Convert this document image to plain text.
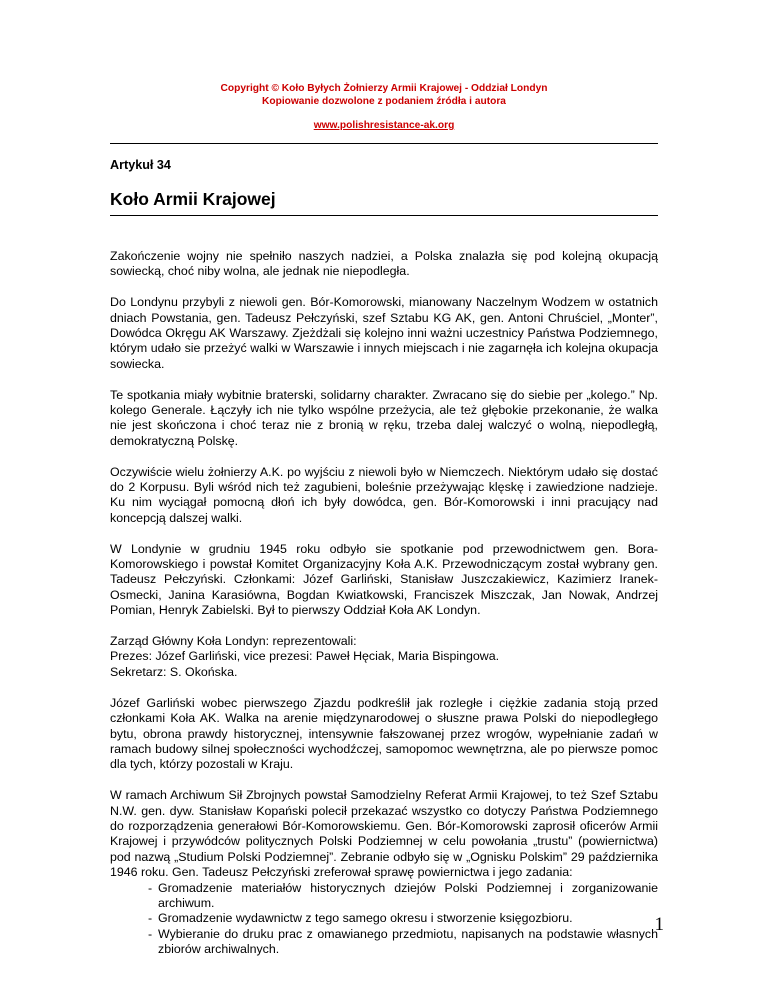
Copyright © Koło Byłych Żołnierzy Armii Krajowej - Oddział Londyn
Kopiowanie dozwolone z podaniem źródła i autora
www.polishresistance-ak.org
Artykuł 34
Koło Armii Krajowej

Zakończenie wojny nie spełniło naszych nadziei, a Polska znalazła się pod kolejną okupacją sowiecką, choć niby wolna, ale jednak nie niepodległa.

Do Londynu przybyli z niewoli gen. Bór-Komorowski, mianowany Naczelnym Wodzem w ostatnich dniach Powstania, gen. Tadeusz Pełczyński, szef Sztabu KG AK, gen. Antoni Chruściel, „Monter”, Dowódca Okręgu AK Warszawy. Zjeżdżali się kolejno inni ważni uczestnicy Państwa Podziemnego, którym udało sie przeżyć walki w Warszawie i innych miejscach i nie zagarnęła ich kolejna okupacja sowiecka.

Te spotkania miały wybitnie braterski, solidarny charakter. Zwracano się do siebie per „kolego.” Np. kolego Generale. Łączyły ich nie tylko wspólne przeżycia, ale też głębokie przekonanie, że walka nie jest skończona i choć teraz nie z bronią w ręku, trzeba dalej walczyć o wolną, niepodległą, demokratyczną Polskę.

Oczywiście wielu żołnierzy A.K. po wyjściu z niewoli było w Niemczech. Niektórym udało się dostać do 2 Korpusu. Byli wśród nich też zagubieni, boleśnie przeżywając klęskę i zawiedzione nadzieje. Ku nim wyciągał pomocną dłoń ich były dowódca, gen. Bór-Komorowski i inni pracujący nad koncepcją dalszej walki.

W Londynie w grudniu 1945 roku odbyło sie spotkanie pod przewodnictwem gen. Bora-Komorowskiego i powstał Komitet Organizacyjny Koła A.K. Przewodniczącym został wybrany gen. Tadeusz Pełczyński. Członkami: Józef Garliński, Stanisław Juszczakiewicz, Kazimierz Iranek-Osmecki, Janina Karasiówna, Bogdan Kwiatkowski, Franciszek Miszczak, Jan Nowak, Andrzej Pomian, Henryk Zabielski. Był to pierwszy Oddział Koła AK Londyn.

Zarząd Główny Koła Londyn: reprezentowali:
Prezes: Józef Garliński, vice prezesi: Paweł Hęciak, Maria Bispingowa.
Sekretarz: S. Okońska.

Józef Garliński wobec pierwszego Zjazdu podkreślił jak rozległe i ciężkie zadania stoją przed członkami Koła AK. Walka na arenie międzynarodowej o słuszne prawa Polski do niepodległego bytu, obrona prawdy historycznej, intensywnie fałszowanej przez wrogów, wypełnianie zadań w ramach budowy silnej społeczności wychodźczej, samopomoc wewnętrzna, ale po pierwsze pomoc dla tych, którzy pozostali w Kraju.

W ramach Archiwum Sił Zbrojnych powstał Samodzielny Referat Armii Krajowej, to też Szef Sztabu N.W. gen. dyw. Stanisław Kopański polecił przekazać wszystko co dotyczy Państwa Podziemnego do rozporządzenia generałowi Bór-Komorowskiemu. Gen. Bór-Komorowski zaprosił oficerów Armii Krajowej i przywódców politycznych Polski Podziemnej w celu powołania „trustu” (powiernictwa) pod nazwą „Studium Polski Podziemnej”. Zebranie odbyło się w „Ognisku Polskim” 29 października 1946 roku. Gen. Tadeusz Pełczyński zreferował sprawę powiernictwa i jego zadania:

- Gromadzenie materiałów historycznych dziejów Polski Podziemnej i zorganizowanie archiwum.
- Gromadzenie wydawnictw z tego samego okresu i stworzenie księgozbioru.
- Wybieranie do druku prac z omawianego przedmiotu, napisanych na podstawie własnych zbiorów archiwalnych.
1
